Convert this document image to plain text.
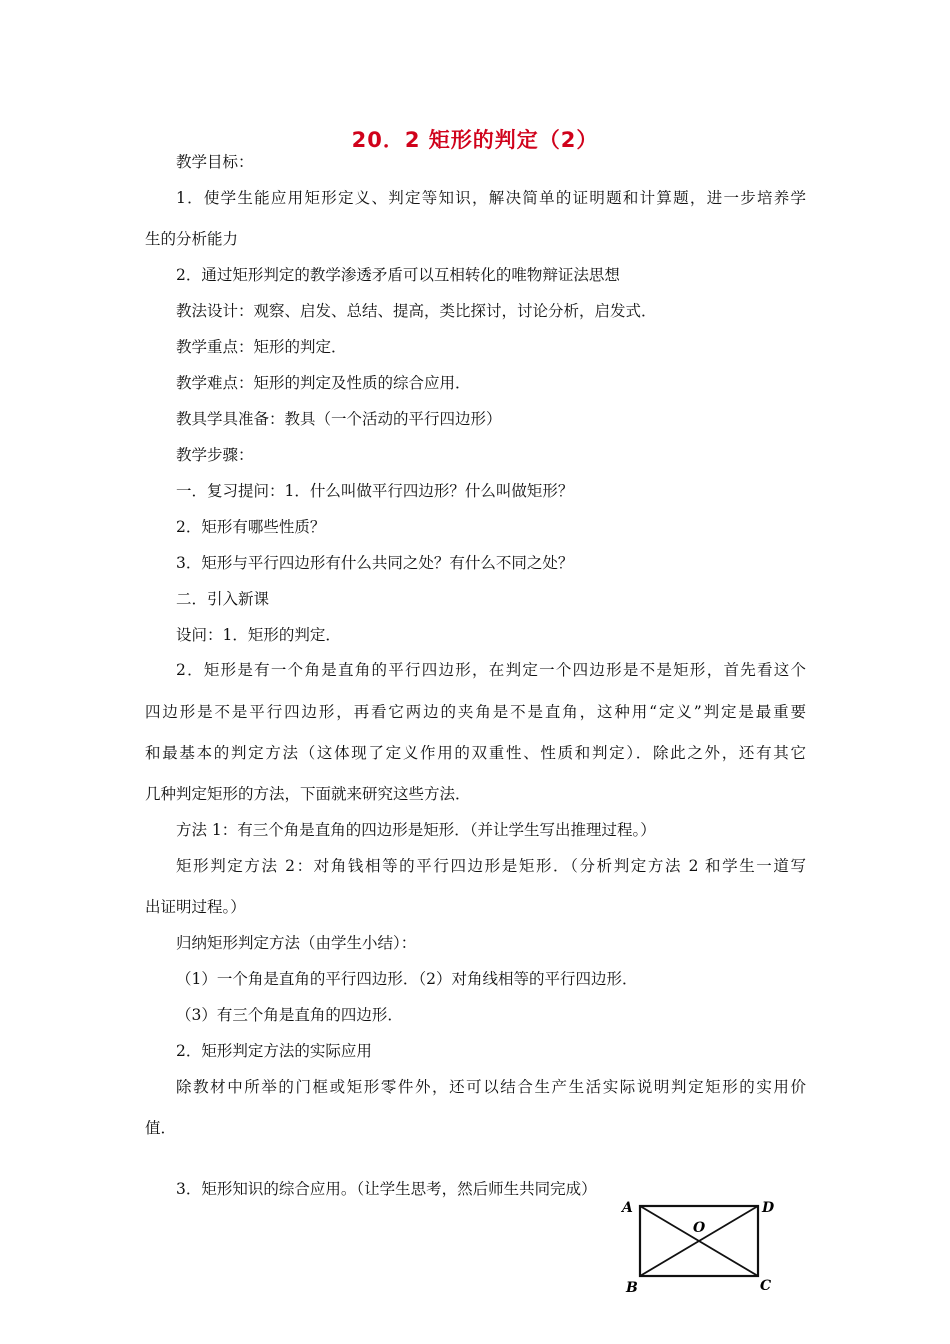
20．2 矩形的判定（2）
教学目标：
1．使学生能应用矩形定义、判定等知识，解决简单的证明题和计算题，进一步培养学
生的分析能力
2．通过矩形判定的教学渗透矛盾可以互相转化的唯物辩证法思想
教法设计：观察、启发、总结、提高，类比探讨，讨论分析，启发式．
教学重点：矩形的判定．
教学难点：矩形的判定及性质的综合应用．
教具学具准备：教具（一个活动的平行四边形）
教学步骤：
一．复习提问：1．什么叫做平行四边形？什么叫做矩形？
2．矩形有哪些性质？
3．矩形与平行四边形有什么共同之处？有什么不同之处？
二．引入新课
设问：1．矩形的判定．
2．矩形是有一个角是直角的平行四边形，在判定一个四边形是不是矩形，首先看这个
四边形是不是平行四边形，再看它两边的夹角是不是直角，这种用“定义”判定是最重要
和最基本的判定方法（这体现了定义作用的双重性、性质和判定）．除此之外，还有其它
几种判定矩形的方法，下面就来研究这些方法．
方法 1：有三个角是直角的四边形是矩形．（并让学生写出推理过程。）
矩形判定方法 2：对角钱相等的平行四边形是矩形．（分析判定方法 2 和学生一道写
出证明过程。）
归纳矩形判定方法（由学生小结）：
（1）一个角是直角的平行四边形．（2）对角线相等的平行四边形．
（3）有三个角是直角的四边形．
2．矩形判定方法的实际应用
除教材中所举的门框或矩形零件外，还可以结合生产生活实际说明判定矩形的实用价
值．
3．矩形知识的综合应用。（让学生思考，然后师生共同完成）
A	D
B	C
O
